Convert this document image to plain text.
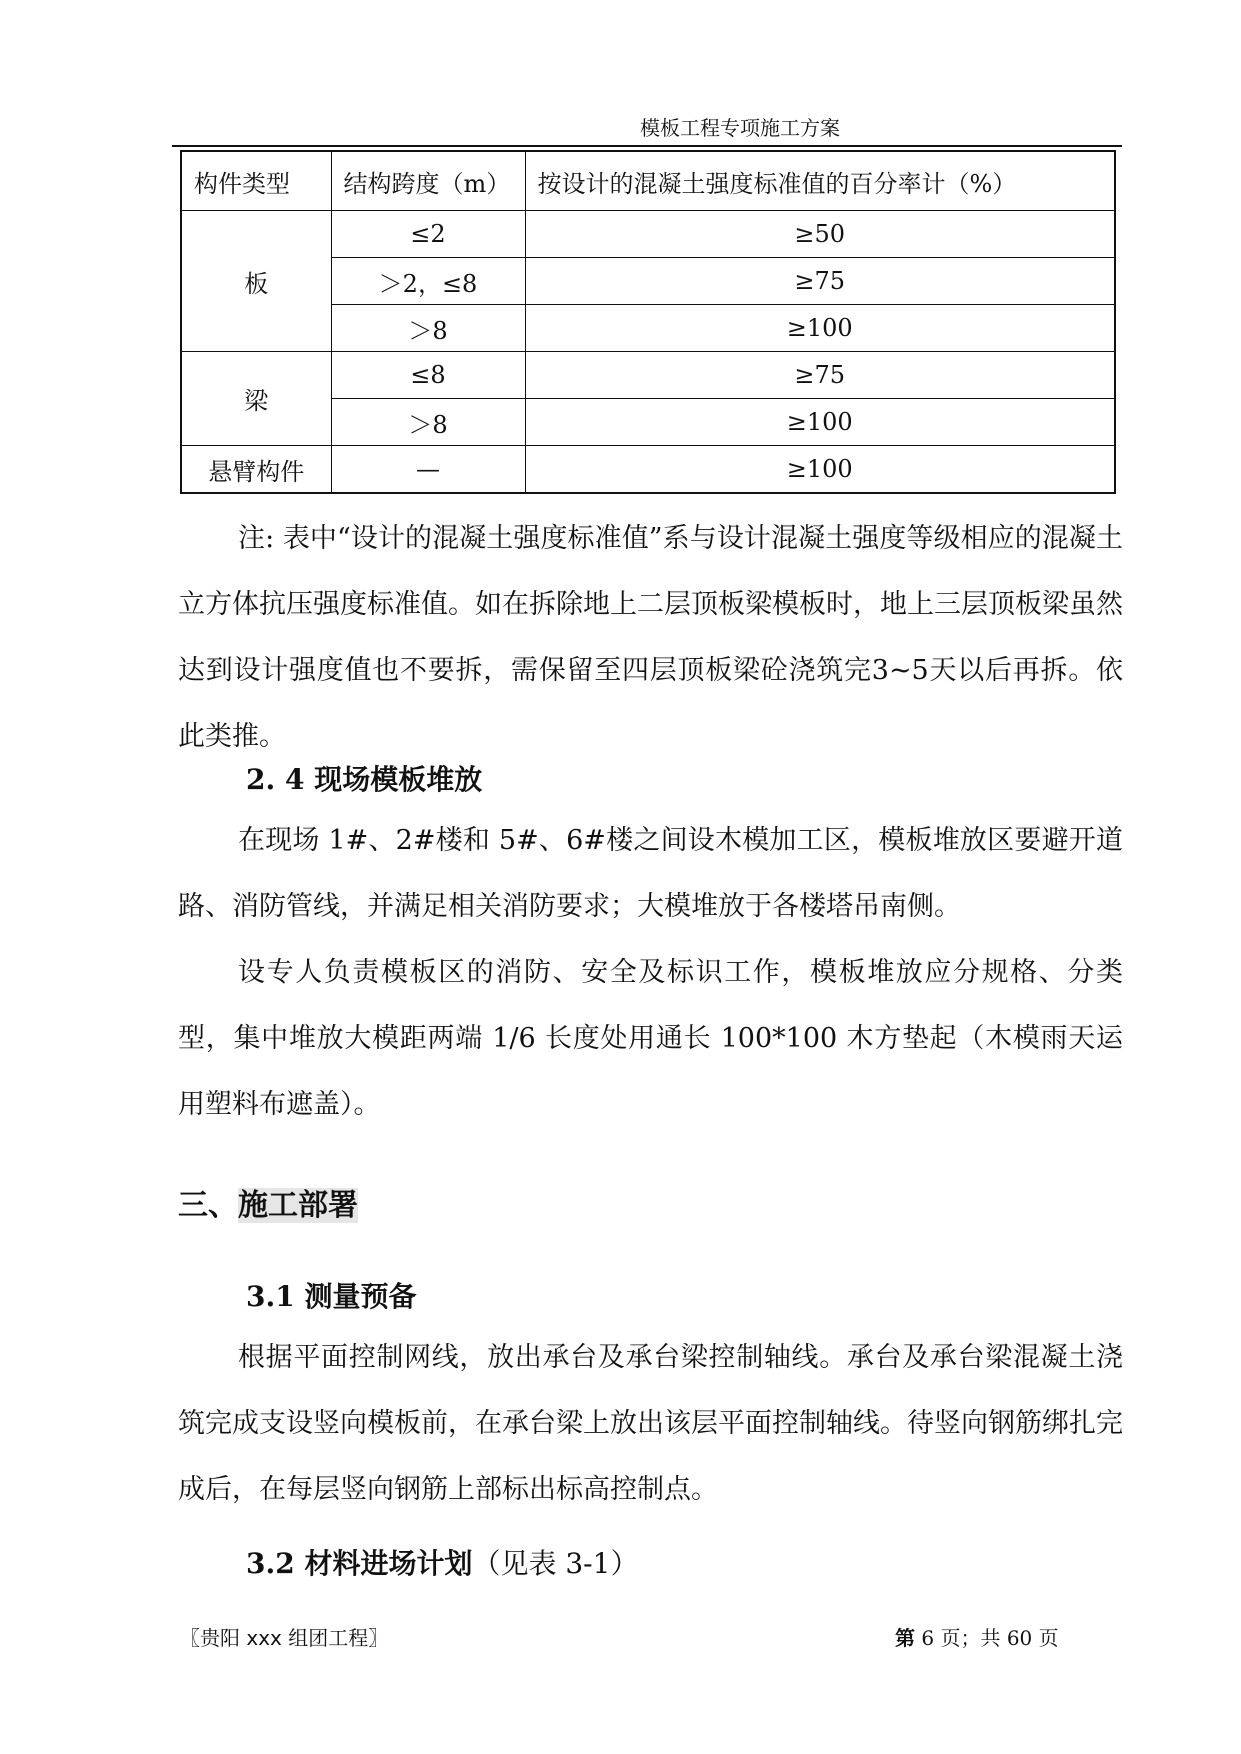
模板工程专项施工方案
构件类型	结构跨度（m）	按设计的混凝土强度标准值的百分率计（%）
板	≤2	≥50
	＞2，≤8	≥75
	＞8	≥100
梁	≤8	≥75
	＞8	≥100
悬臂构件	—	≥100

注: 表中“设计的混凝土强度标准值”系与设计混凝土强度等级相应的混凝土立方体抗压强度标准值。如在拆除地上二层顶板梁模板时，地上三层顶板梁虽然达到设计强度值也不要拆，需保留至四层顶板梁砼浇筑完3~5天以后再拆。依此类推。

2. 4 现场模板堆放

在现场 1#、2#楼和 5#、6#楼之间设木模加工区，模板堆放区要避开道路、消防管线，并满足相关消防要求；大模堆放于各楼塔吊南侧。

设专人负责模板区的消防、安全及标识工作，模板堆放应分规格、分类型，集中堆放大模距两端 1/6 长度处用通长 100*100 木方垫起（木模雨天运用塑料布遮盖）。

三、施工部署
3.1 测量预备

根据平面控制网线，放出承台及承台梁控制轴线。承台及承台梁混凝土浇筑完成支设竖向模板前，在承台梁上放出该层平面控制轴线。待竖向钢筋绑扎完成后，在每层竖向钢筋上部标出标高控制点。

3.2 材料进场计划（见表 3-1）
〖贵阳 xxx 组团工程〗	第 6 页；共 60 页
